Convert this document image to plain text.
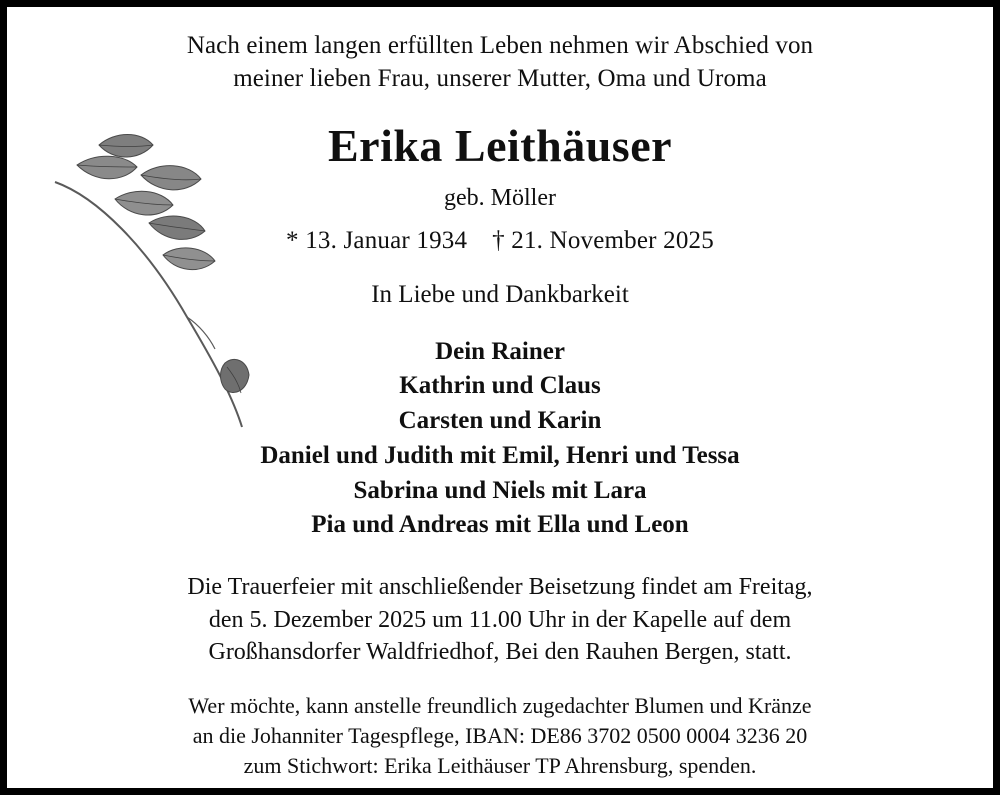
Nach einem langen erfüllten Leben nehmen wir Abschied von
meiner lieben Frau, unserer Mutter, Oma und Uroma
Erika Leithäuser
geb. Möller
* 13. Januar 1934 † 21. November 2025
In Liebe und Dankbarkeit
Dein Rainer
Kathrin und Claus
Carsten und Karin
Daniel und Judith mit Emil, Henri und Tessa
Sabrina und Niels mit Lara
Pia und Andreas mit Ella und Leon
Die Trauerfeier mit anschließender Beisetzung findet am Freitag,
den 5. Dezember 2025 um 11.00 Uhr in der Kapelle auf dem
Großhansdorfer Waldfriedhof, Bei den Rauhen Bergen, statt.
Wer möchte, kann anstelle freundlich zugedachter Blumen und Kränze
an die Johanniter Tagespflege, IBAN: DE86 3702 0500 0004 3236 20
zum Stichwort: Erika Leithäuser TP Ahrensburg, spenden.
